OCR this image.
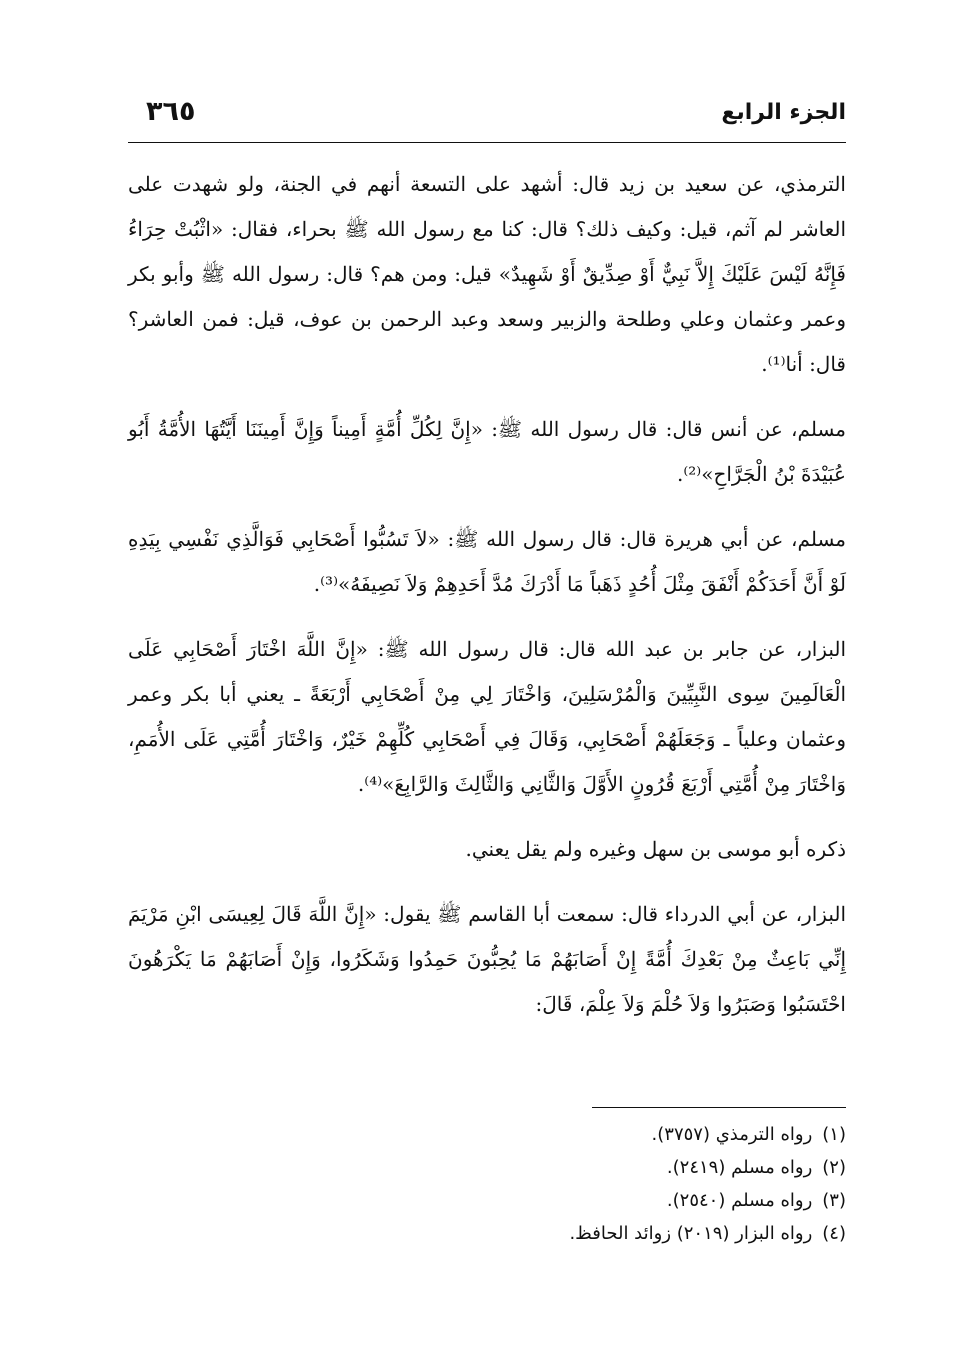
الجزء الرابع
٣٦٥

الترمذي، عن سعيد بن زيد قال: أشهد على التسعة أنهم في الجنة، ولو شهدت على العاشر لم آثم، قيل: وكيف ذلك؟ قال: كنا مع رسول الله ﷺ بحراء، فقال: «اثْبُتْ حِرَاءُ فَإِنَّهُ لَيْسَ عَلَيْكَ إِلاَّ نَبِيٌّ أَوْ صِدِّيقٌ أَوْ شَهِيدٌ» قيل: ومن هم؟ قال: رسول الله ﷺ وأبو بكر وعمر وعثمان وعلي وطلحة والزبير وسعد وعبد الرحمن بن عوف، قيل: فمن العاشر؟ قال: أنا⁽¹⁾.

مسلم، عن أنس قال: قال رسول الله ﷺ: «إِنَّ لِكُلِّ أُمَّةٍ أَمِيناً وَإِنَّ أَمِينَنَا أَيَّتُهَا الأُمَّةُ أَبُو عُبَيْدَةَ بْنُ الْجَرَّاحِ»⁽²⁾.

مسلم، عن أبي هريرة قال: قال رسول الله ﷺ: «لاَ تَسُبُّوا أَصْحَابِي فَوَالَّذِي نَفْسِي بِيَدِهِ لَوْ أَنَّ أَحَدَكُمْ أَنْفَقَ مِثْلَ أُحُدٍ ذَهَباً مَا أَدْرَكَ مُدَّ أَحَدِهِمْ وَلاَ نَصِيفَهُ»⁽³⁾.

البزار، عن جابر بن عبد الله قال: قال رسول الله ﷺ: «إِنَّ اللَّهَ اخْتَارَ أَصْحَابِي عَلَى الْعَالَمِينَ سِوى النَّبِيِّينَ وَالْمُرْسَلِينَ، وَاخْتَارَ لِي مِنْ أَصْحَابِي أَرْبَعَةً ـ يعني أبا بكر وعمر وعثمان وعلياً ـ وَجَعَلَهُمْ أَصْحَابِي، وَقَالَ فِي أَصْحَابِي كُلِّهِمْ خَيْرٌ، وَاخْتَارَ أُمَّتِي عَلَى الأُمَمِ، وَاخْتَارَ مِنْ أُمَّتِي أَرْبَعَ قُرُونٍ الأَوَّلَ وَالثَّانِي وَالثَّالِثَ وَالرَّابِعَ»⁽⁴⁾.

ذكره أبو موسى بن سهل وغيره ولم يقل يعني.

البزار، عن أبي الدرداء قال: سمعت أبا القاسم ﷺ يقول: «إِنَّ اللَّهَ قَالَ لِعِيسَى ابْنِ مَرْيَمَ إِنِّي بَاعِثٌ مِنْ بَعْدِكَ أُمَّةً إِنْ أَصَابَهُمْ مَا يُحِبُّونَ حَمِدُوا وَشَكَرُوا، وَإِنْ أَصَابَهُمْ مَا يَكْرَهُونَ احْتَسَبُوا وَصَبَرُوا وَلاَ حُلْمَ وَلاَ عِلْمَ، قَالَ:

(١)رواه الترمذي (٣٧٥٧).

(٢)رواه مسلم (٢٤١٩).

(٣)رواه مسلم (٢٥٤٠).

(٤)رواه البزار (٢٠١٩) زوائد الحافظ.
